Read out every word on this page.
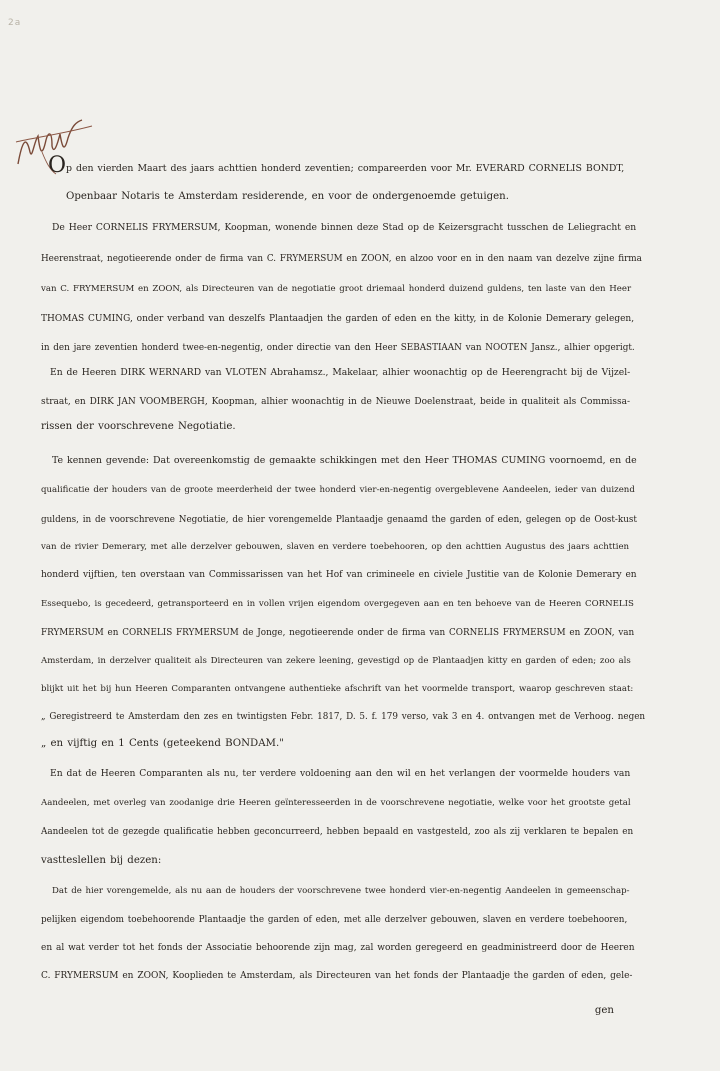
2a
O p den vierden Maart des jaars achttien honderd zeventien; compareerden voor Mr. EVERARD CORNELIS BONDT,
Openbaar Notaris te Amsterdam residerende, en voor de ondergenoemde getuigen.
De Heer CORNELIS FRYMERSUM, Koopman, wonende binnen deze Stad op de Keizersgracht tusschen de Leliegracht en
Heerenstraat, negotieerende onder de firma van C. FRYMERSUM en ZOON, en alzoo voor en in den naam van dezelve zijne firma
van C. FRYMERSUM en ZOON, als Directeuren van de negotiatie groot driemaal honderd duizend guldens, ten laste van den Heer
THOMAS CUMING, onder verband van deszelfs Plantaadjen the garden of eden en the kitty, in de Kolonie Demerary gelegen,
in den jare zeventien honderd twee-en-negentig, onder directie van den Heer SEBASTIAAN van NOOTEN Jansz., alhier opgerigt.
En de Heeren DIRK WERNARD van VLOTEN Abrahamsz., Makelaar, alhier woonachtig op de Heerengracht bij de Vijzel-
straat, en DIRK JAN VOOMBERGH, Koopman, alhier woonachtig in de Nieuwe Doelenstraat, beide in qualiteit als Commissa-
rissen der voorschrevene Negotiatie.
Te kennen gevende: Dat overeenkomstig de gemaakte schikkingen met den Heer THOMAS CUMING voornoemd, en de
qualificatie der houders van de groote meerderheid der twee honderd vier-en-negentig overgeblevene Aandeelen, ieder van duizend
guldens, in de voorschrevene Negotiatie, de hier vorengemelde Plantaadje genaamd the garden of eden, gelegen op de Oost-kust
van de rivier Demerary, met alle derzelver gebouwen, slaven en verdere toebehooren, op den achttien Augustus des jaars achttien
honderd vijftien, ten overstaan van Commissarissen van het Hof van crimineele en civiele Justitie van de Kolonie Demerary en
Essequebo, is gecedeerd, getransporteerd en in vollen vrijen eigendom overgegeven aan en ten behoeve van de Heeren CORNELIS
FRYMERSUM en CORNELIS FRYMERSUM de Jonge, negotieerende onder de firma van CORNELIS FRYMERSUM en ZOON, van
Amsterdam, in derzelver qualiteit als Directeuren van zekere leening, gevestigd op de Plantaadjen kitty en garden of eden; zoo als
blijkt uit het bij hun Heeren Comparanten ontvangene authentieke afschrift van het voormelde transport, waarop geschreven staat:
„ Geregistreerd te Amsterdam den zes en twintigsten Febr. 1817, D. 5. f. 179 verso, vak 3 en 4. ontvangen met de Verhoog. negen
„ en vijftig en 1 Cents (geteekend BONDAM."
En dat de Heeren Comparanten als nu, ter verdere voldoening aan den wil en het verlangen der voormelde houders van
Aandeelen, met overleg van zoodanige drie Heeren geïnteresseerden in de voorschrevene negotiatie, welke voor het grootste getal
Aandeelen tot de gezegde qualificatie hebben geconcurreerd, hebben bepaald en vastgesteld, zoo als zij verklaren te bepalen en
vastteslellen bij dezen:
Dat de hier vorengemelde, als nu aan de houders der voorschrevene twee honderd vier-en-negentig Aandeelen in gemeenschap-
pelijken eigendom toebehoorende Plantaadje the garden of eden, met alle derzelver gebouwen, slaven en verdere toebehooren,
en al wat verder tot het fonds der Associatie behoorende zijn mag, zal worden geregeerd en geadministreerd door de Heeren
C. FRYMERSUM en ZOON, Kooplieden te Amsterdam, als Directeuren van het fonds der Plantaadje the garden of eden, gele-
gen
